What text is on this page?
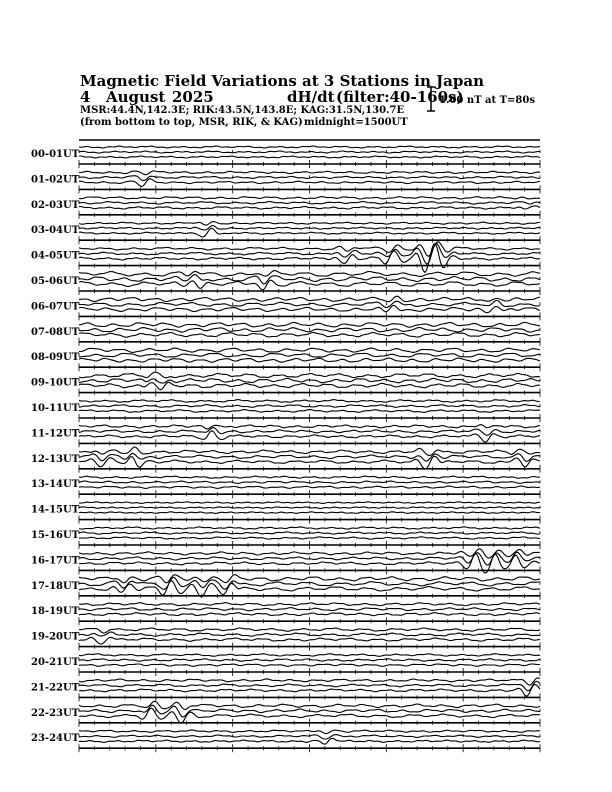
Magnetic Field Variations at 3 Stations in Japan
4 August 2025	dH/dt (filter:40-160s)
MSR:44.4N,142.3E; RIK:43.5N,143.8E; KAG:31.5N,130.7E
(from bottom to top, MSR, RIK, & KAG) midnight=1500UT
1.00 nT at T=80s
00-01UT
01-02UT
02-03UT
03-04UT
04-05UT
05-06UT
06-07UT
07-08UT
08-09UT
09-10UT
10-11UT
11-12UT
12-13UT
13-14UT
14-15UT
15-16UT
16-17UT
17-18UT
18-19UT
19-20UT
20-21UT
21-22UT
22-23UT
23-24UT
